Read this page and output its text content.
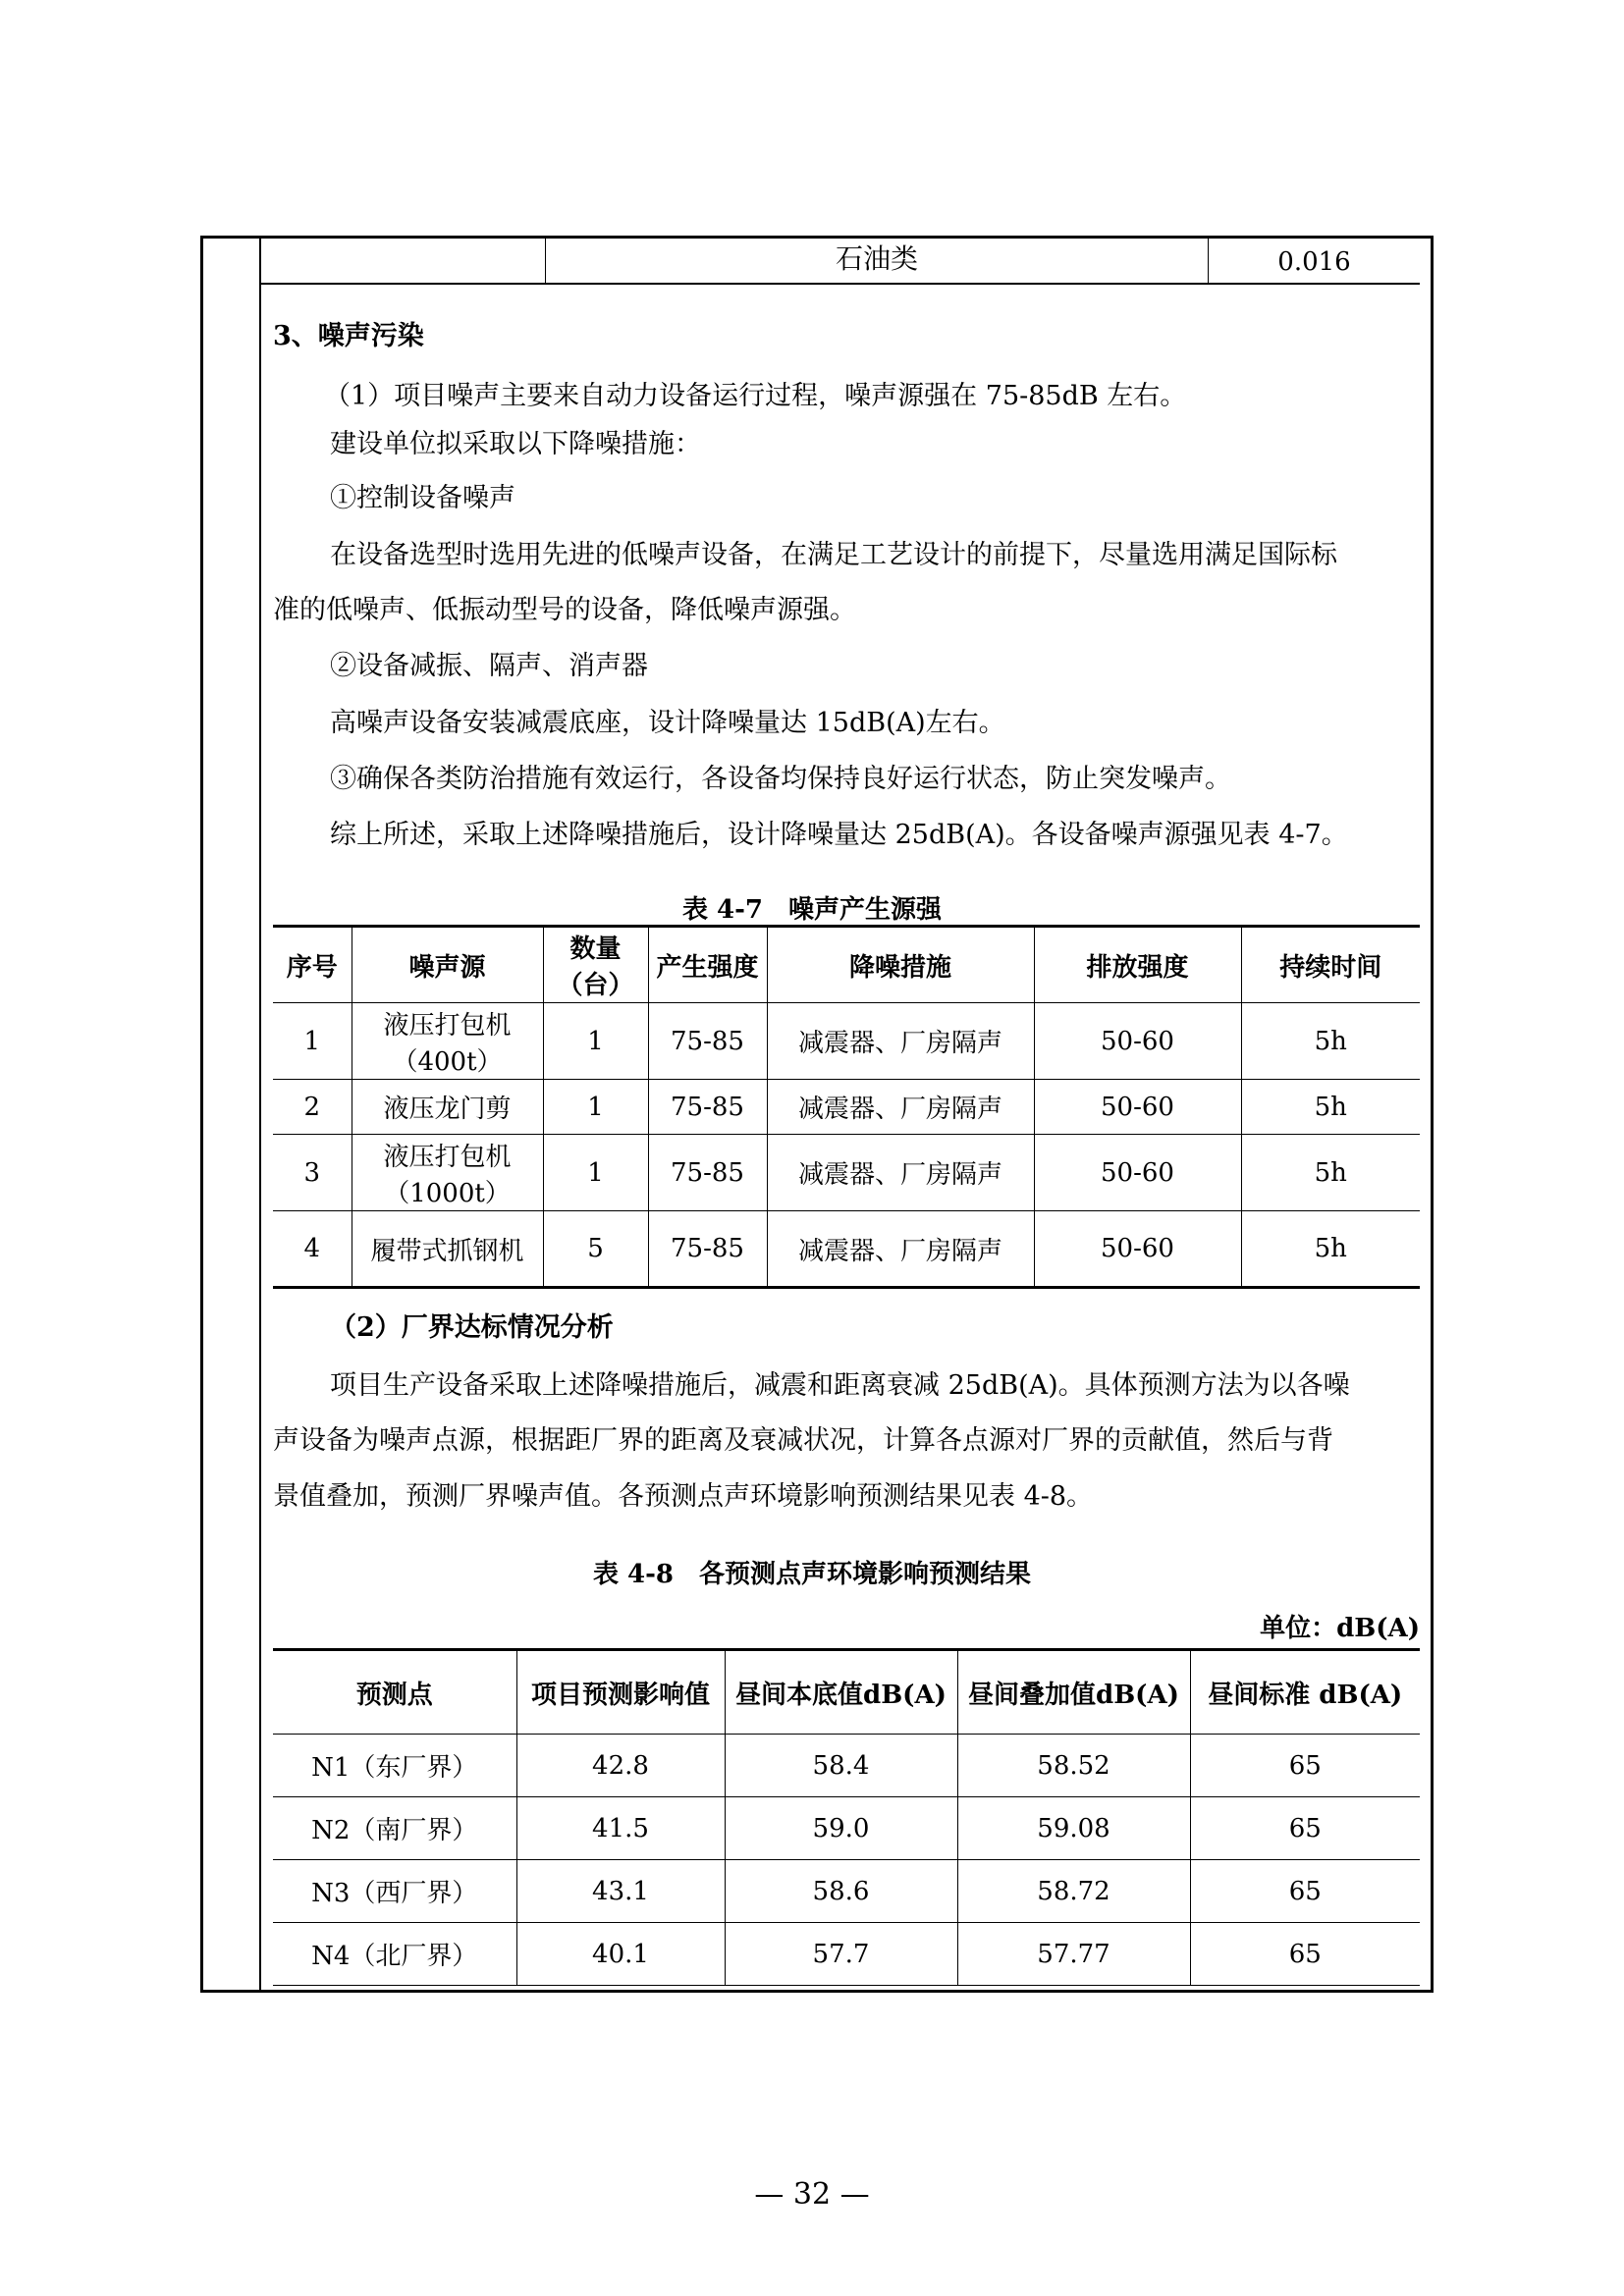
石油类	0.016
3、噪声污染
（1）项目噪声主要来自动力设备运行过程，噪声源强在 75-85dB 左右。
建设单位拟采取以下降噪措施：
①控制设备噪声
在设备选型时选用先进的低噪声设备，在满足工艺设计的前提下，尽量选用满足国际标
准的低噪声、低振动型号的设备，降低噪声源强。
②设备减振、隔声、消声器
高噪声设备安装减震底座，设计降噪量达 15dB(A)左右。
③确保各类防治措施有效运行，各设备均保持良好运行状态，防止突发噪声。
综上所述，采取上述降噪措施后，设计降噪量达 25dB(A)。各设备噪声源强见表 4-7。
表 4-7　噪声产生源强
序号	噪声源	数量（台）	产生强度	降噪措施	排放强度	持续时间
1	液压打包机（400t）	1	75-85	减震器、厂房隔声	50-60	5h
2	液压龙门剪	1	75-85	减震器、厂房隔声	50-60	5h
3	液压打包机（1000t）	1	75-85	减震器、厂房隔声	50-60	5h
4	履带式抓钢机	5	75-85	减震器、厂房隔声	50-60	5h
（2）厂界达标情况分析
项目生产设备采取上述降噪措施后，减震和距离衰减 25dB(A)。具体预测方法为以各噪
声设备为噪声点源，根据距厂界的距离及衰减状况，计算各点源对厂界的贡献值，然后与背
景值叠加，预测厂界噪声值。各预测点声环境影响预测结果见表 4-8。
表 4-8　各预测点声环境影响预测结果
单位：dB(A)
预测点	项目预测影响值	昼间本底值dB(A)	昼间叠加值dB(A)	昼间标准 dB(A)
N1（东厂界）	42.8	58.4	58.52	65
N2（南厂界）	41.5	59.0	59.08	65
N3（西厂界）	43.1	58.6	58.72	65
N4（北厂界）	40.1	57.7	57.77	65
— 32 —
